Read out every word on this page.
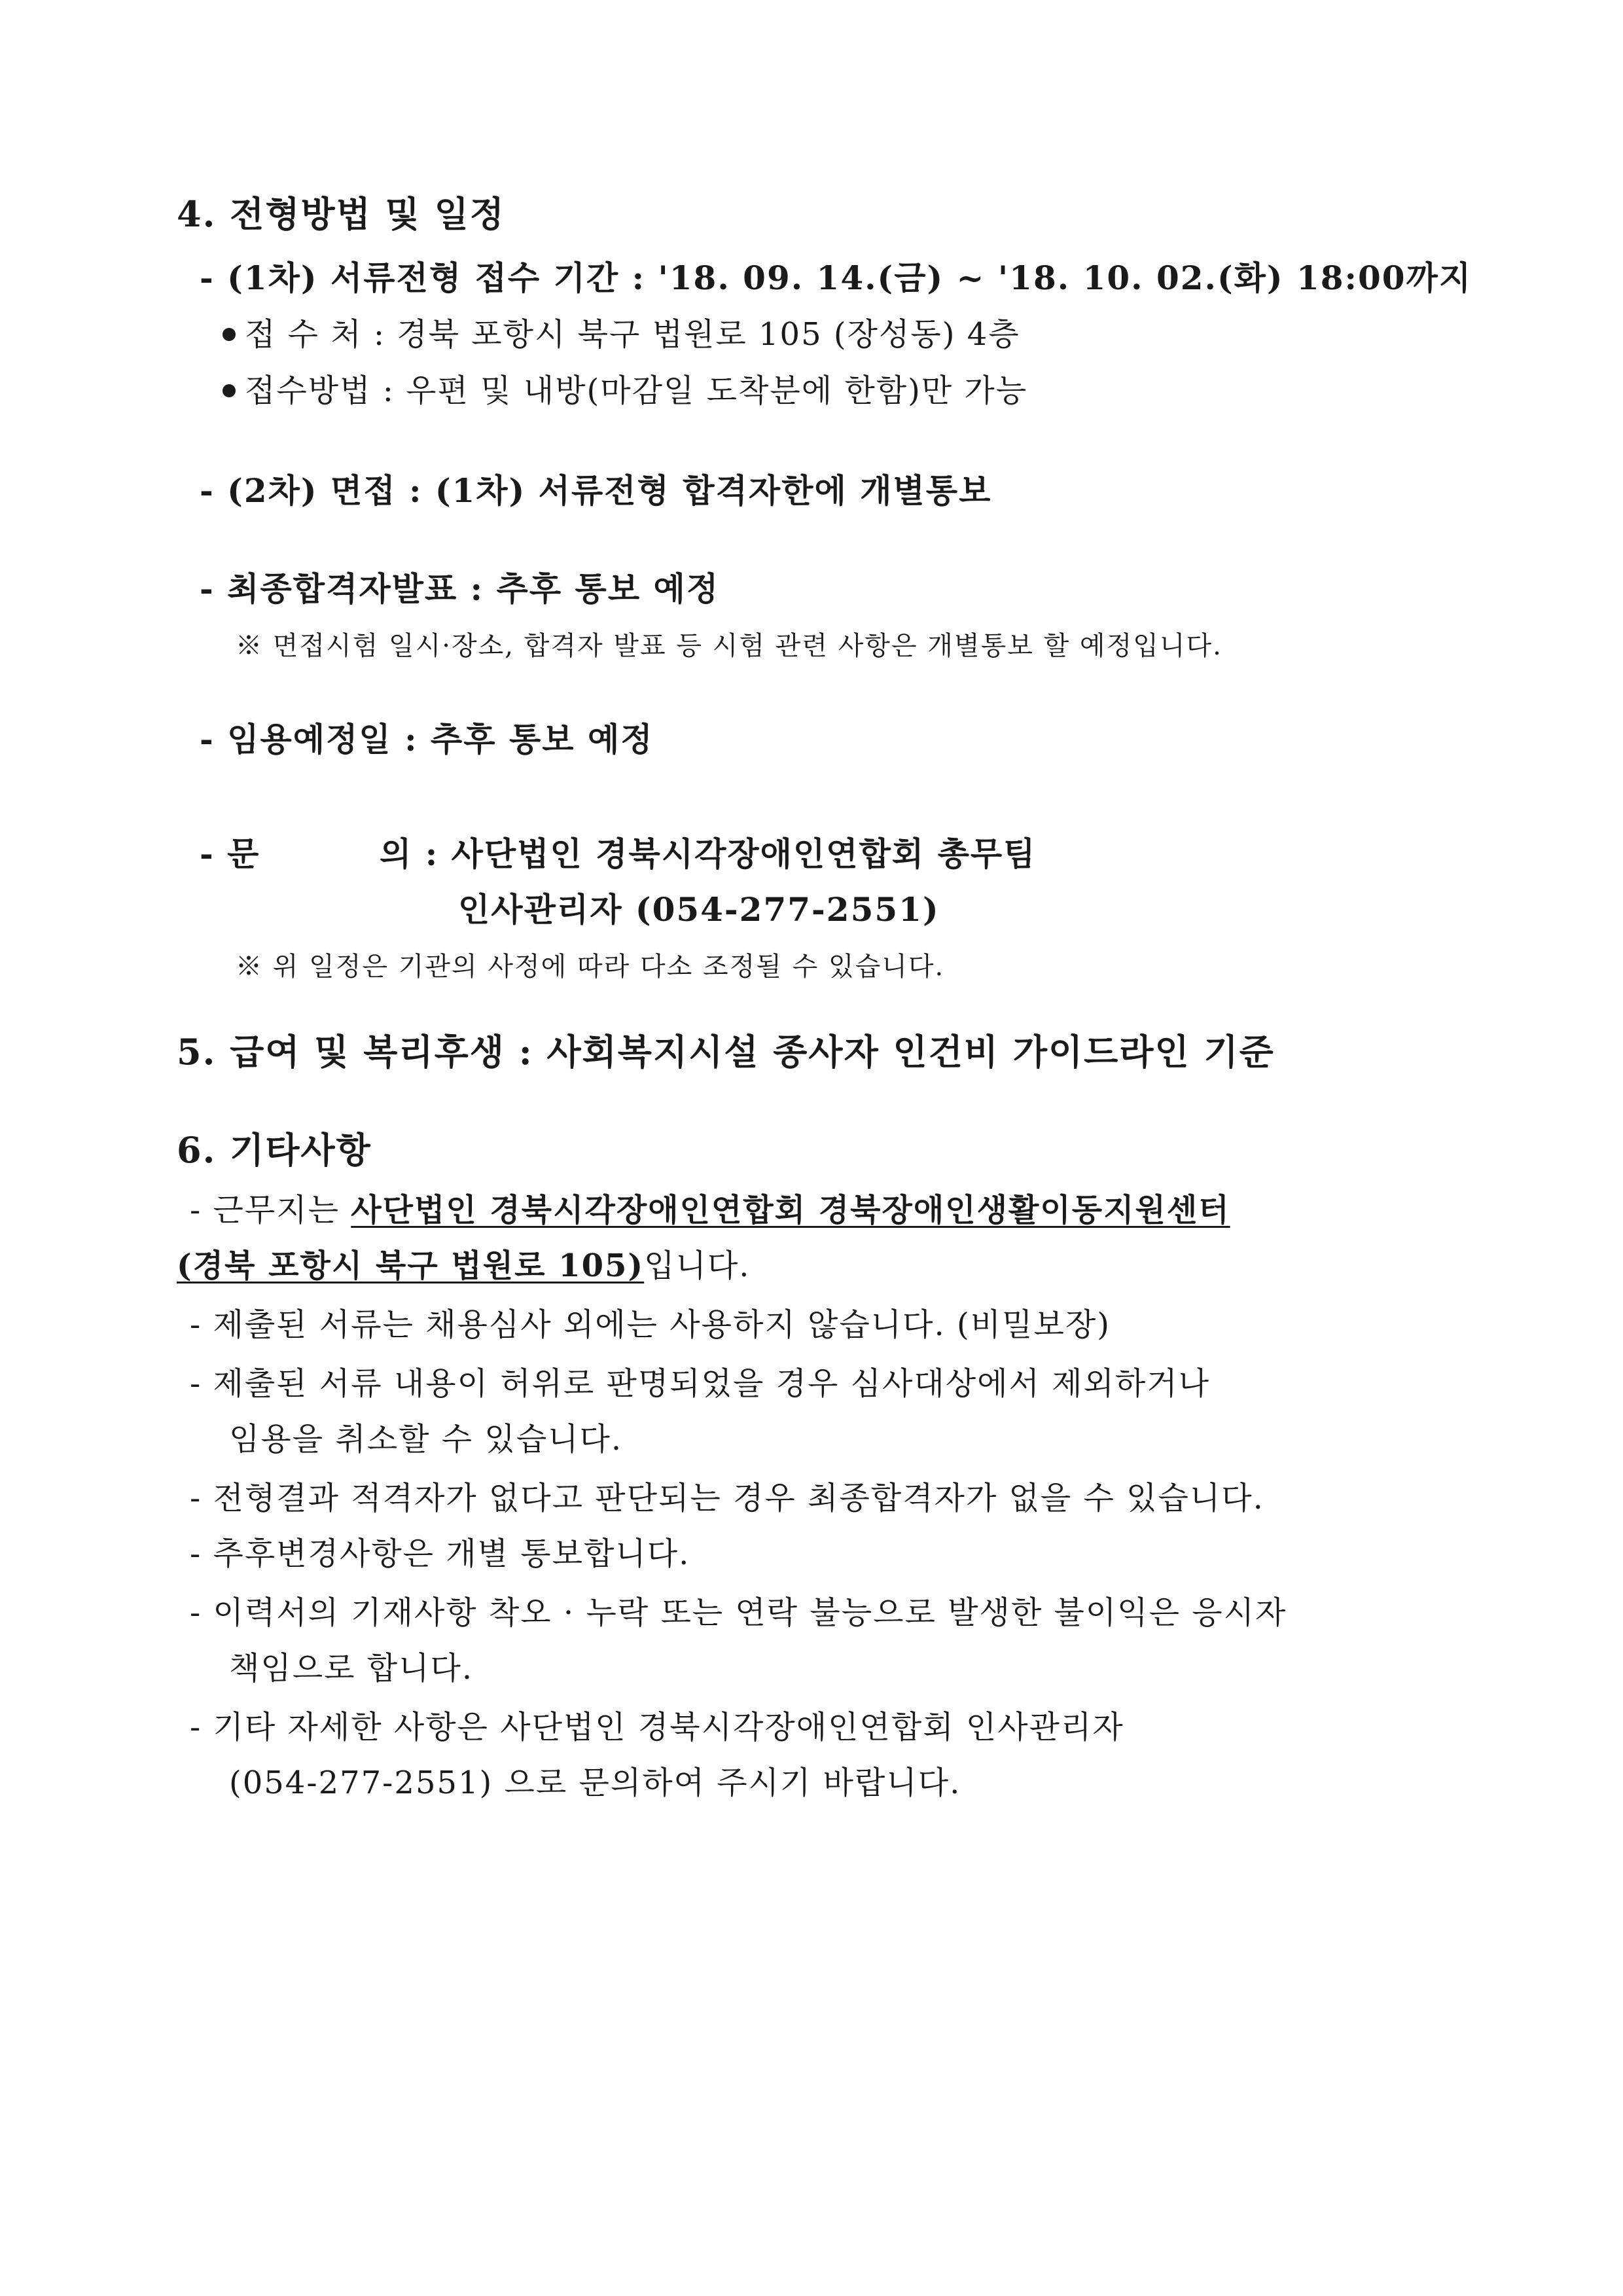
4. 전형방법 및 일정
- (1차) 서류전형 접수 기간 : '18. 09. 14.(금) ~ '18. 10. 02.(화) 18:00까지
접 수 처 : 경북 포항시 북구 법원로 105 (장성동) 4층
접수방법 : 우편 및 내방(마감일 도착분에 한함)만 가능
- (2차) 면접 : (1차) 서류전형 합격자한에 개별통보
- 최종합격자발표 : 추후 통보 예정
※ 면접시험 일시·장소, 합격자 발표 등 시험 관련 사항은 개별통보 할 예정입니다.
- 임용예정일 : 추후 통보 예정
- 문	의 : 사단법인 경북시각장애인연합회 총무팀
인사관리자 (054-277-2551)
※ 위 일정은 기관의 사정에 따라 다소 조정될 수 있습니다.
5. 급여 및 복리후생 : 사회복지시설 종사자 인건비 가이드라인 기준
6. 기타사항
- 근무지는 사단법인 경북시각장애인연합회 경북장애인생활이동지원센터
(경북 포항시 북구 법원로 105)입니다.
- 제출된 서류는 채용심사 외에는 사용하지 않습니다. (비밀보장)
- 제출된 서류 내용이 허위로 판명되었을 경우 심사대상에서 제외하거나
임용을 취소할 수 있습니다.
- 전형결과 적격자가 없다고 판단되는 경우 최종합격자가 없을 수 있습니다.
- 추후변경사항은 개별 통보합니다.
- 이력서의 기재사항 착오 · 누락 또는 연락 불능으로 발생한 불이익은 응시자
책임으로 합니다.
- 기타 자세한 사항은 사단법인 경북시각장애인연합회 인사관리자
(054-277-2551) 으로 문의하여 주시기 바랍니다.
